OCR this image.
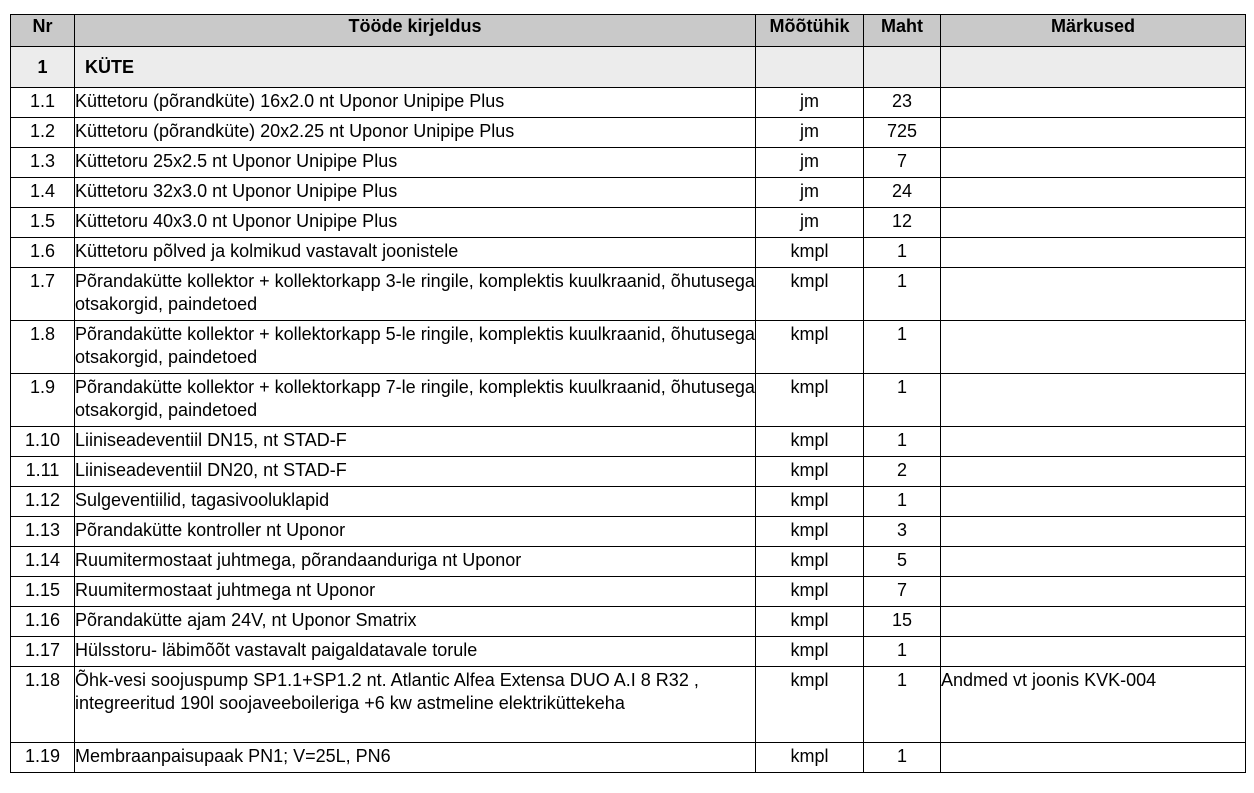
Nr	Tööde kirjeldus	Mõõtühik	Maht	Märkused
1	KÜTE			
1.1	Küttetoru (põrandküte) 16x2.0 nt Uponor Unipipe Plus	jm	23	
1.2	Küttetoru (põrandküte) 20x2.25 nt Uponor Unipipe Plus	jm	725	
1.3	Küttetoru 25x2.5 nt Uponor Unipipe Plus	jm	7	
1.4	Küttetoru 32x3.0 nt Uponor Unipipe Plus	jm	24	
1.5	Küttetoru 40x3.0 nt Uponor Unipipe Plus	jm	12	
1.6	Küttetoru põlved ja kolmikud vastavalt joonistele	kmpl	1	
1.7	Põrandakütte kollektor + kollektorkapp 3-le ringile, komplektis kuulkraanid, õhutusega otsakorgid, paindetoed	kmpl	1	
1.8	Põrandakütte kollektor + kollektorkapp 5-le ringile, komplektis kuulkraanid, õhutusega otsakorgid, paindetoed	kmpl	1	
1.9	Põrandakütte kollektor + kollektorkapp 7-le ringile, komplektis kuulkraanid, õhutusega otsakorgid, paindetoed	kmpl	1	
1.10	Liiniseadeventiil DN15, nt STAD-F	kmpl	1	
1.11	Liiniseadeventiil DN20, nt STAD-F	kmpl	2	
1.12	Sulgeventiilid, tagasivooluklapid	kmpl	1	
1.13	Põrandakütte kontroller nt Uponor	kmpl	3	
1.14	Ruumitermostaat juhtmega, põrandaanduriga nt Uponor	kmpl	5	
1.15	Ruumitermostaat juhtmega nt Uponor	kmpl	7	
1.16	Põrandakütte ajam 24V, nt Uponor Smatrix	kmpl	15	
1.17	Hülsstoru- läbimõõt vastavalt paigaldatavale torule	kmpl	1	
1.18	Õhk-vesi soojuspump SP1.1+SP1.2 nt. Atlantic Alfea Extensa DUO A.I 8 R32 , integreeritud 190l soojaveeboileriga +6 kw astmeline elektriküttekeha	kmpl	1	Andmed vt joonis KVK-004
1.19	Membraanpaisupaak PN1; V=25L, PN6	kmpl	1	
